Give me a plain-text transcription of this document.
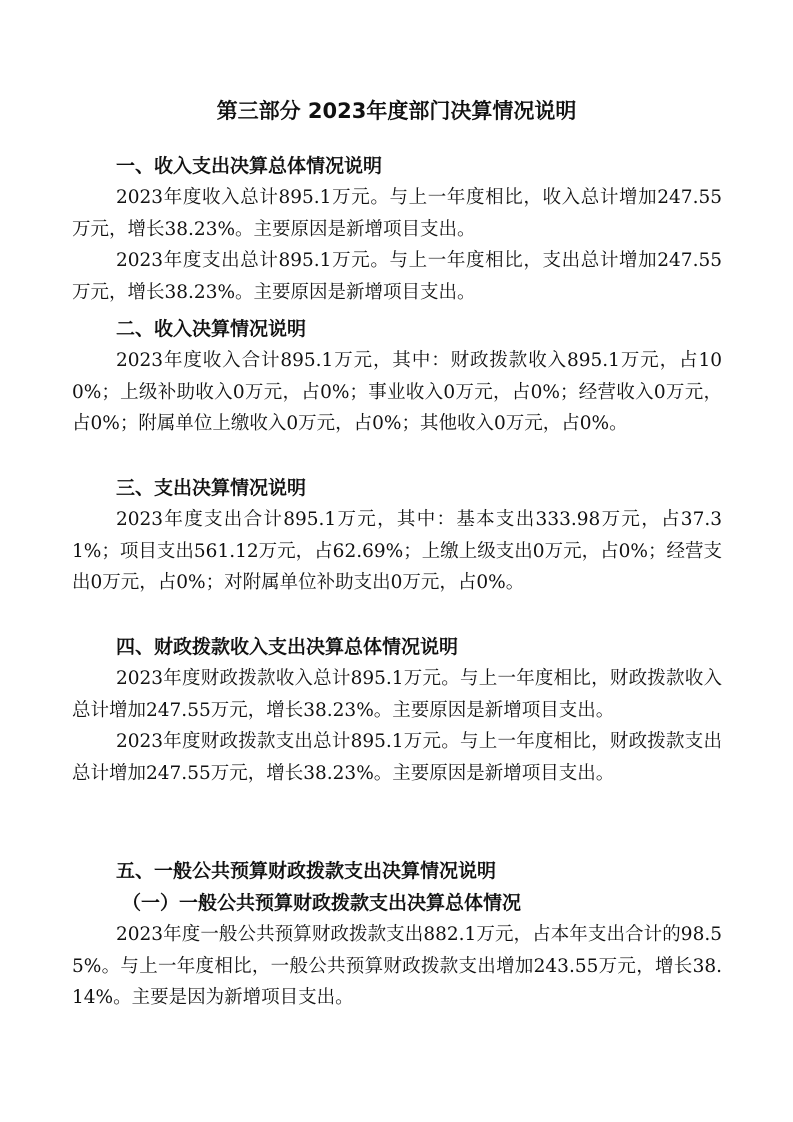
第三部分 2023年度部门决算情况说明
一、收入支出决算总体情况说明

2023年度收入总计895.1万元。与上一年度相比，收入总计增加247.55万元，增长38.23%。主要原因是新增项目支出。

2023年度支出总计895.1万元。与上一年度相比，支出总计增加247.55万元，增长38.23%。主要原因是新增项目支出。

二、收入决算情况说明

2023年度收入合计895.1万元，其中：财政拨款收入895.1万元，占100%；上级补助收入0万元，占0%；事业收入0万元，占0%；经营收入0万元，占0%；附属单位上缴收入0万元，占0%；其他收入0万元，占0%。

三、支出决算情况说明

2023年度支出合计895.1万元，其中：基本支出333.98万元，占37.31%；项目支出561.12万元，占62.69%；上缴上级支出0万元，占0%；经营支出0万元，占0%；对附属单位补助支出0万元，占0%。

四、财政拨款收入支出决算总体情况说明

2023年度财政拨款收入总计895.1万元。与上一年度相比，财政拨款收入总计增加247.55万元，增长38.23%。主要原因是新增项目支出。

2023年度财政拨款支出总计895.1万元。与上一年度相比，财政拨款支出总计增加247.55万元，增长38.23%。主要原因是新增项目支出。

五、一般公共预算财政拨款支出决算情况说明
（一）一般公共预算财政拨款支出决算总体情况

2023年度一般公共预算财政拨款支出882.1万元，占本年支出合计的98.55%。与上一年度相比，一般公共预算财政拨款支出增加243.55万元，增长38.14%。主要是因为新增项目支出。
